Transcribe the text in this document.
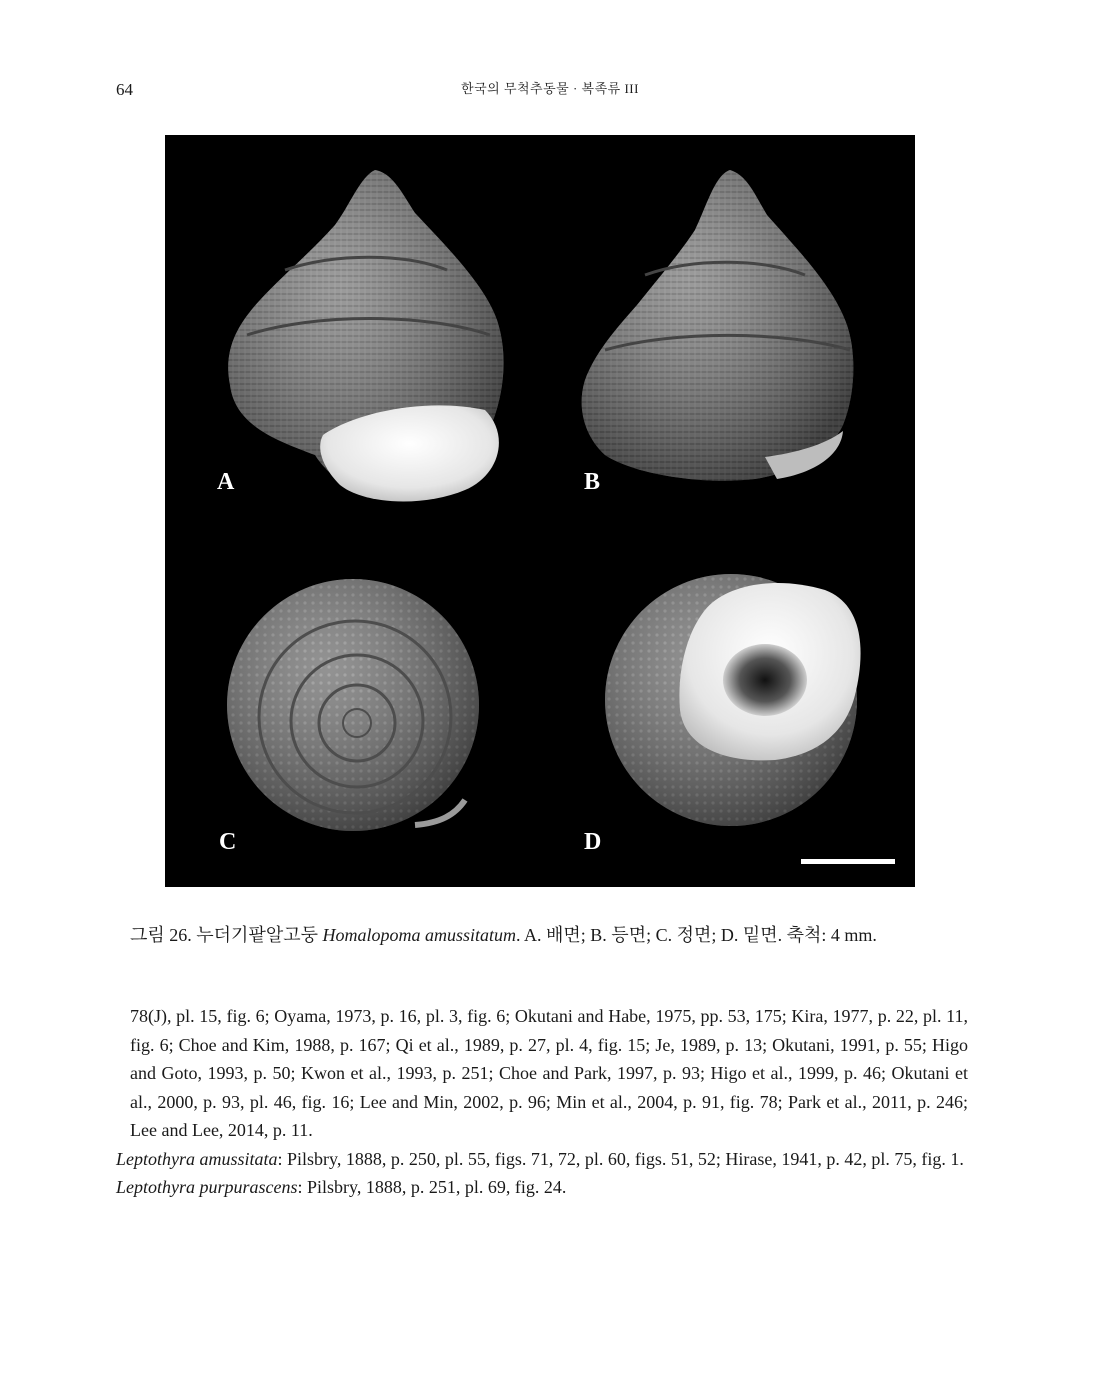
64	한국의 무척추동물 · 복족류 III
A	B
C	D
그림 26. 누더기팥알고둥 Homalopoma amussitatum. A. 배면; B. 등면; C. 정면; D. 밑면. 축척: 4 mm.

78(J), pl. 15, fig. 6; Oyama, 1973, p. 16, pl. 3, fig. 6; Okutani and Habe, 1975, pp. 53, 175; Kira, 1977, p. 22, pl. 11, fig. 6; Choe and Kim, 1988, p. 167; Qi et al., 1989, p. 27, pl. 4, fig. 15; Je, 1989, p. 13; Okutani, 1991, p. 55; Higo and Goto, 1993, p. 50; Kwon et al., 1993, p. 251; Choe and Park, 1997, p. 93; Higo et al., 1999, p. 46; Okutani et al., 2000, p. 93, pl. 46, fig. 16; Lee and Min, 2002, p. 96; Min et al., 2004, p. 91, fig. 78; Park et al., 2011, p. 246; Lee and Lee, 2014, p. 11.

Leptothyra amussitata: Pilsbry, 1888, p. 250, pl. 55, figs. 71, 72, pl. 60, figs. 51, 52; Hirase, 1941, p. 42, pl. 75, fig. 1.

Leptothyra purpurascens: Pilsbry, 1888, p. 251, pl. 69, fig. 24.
